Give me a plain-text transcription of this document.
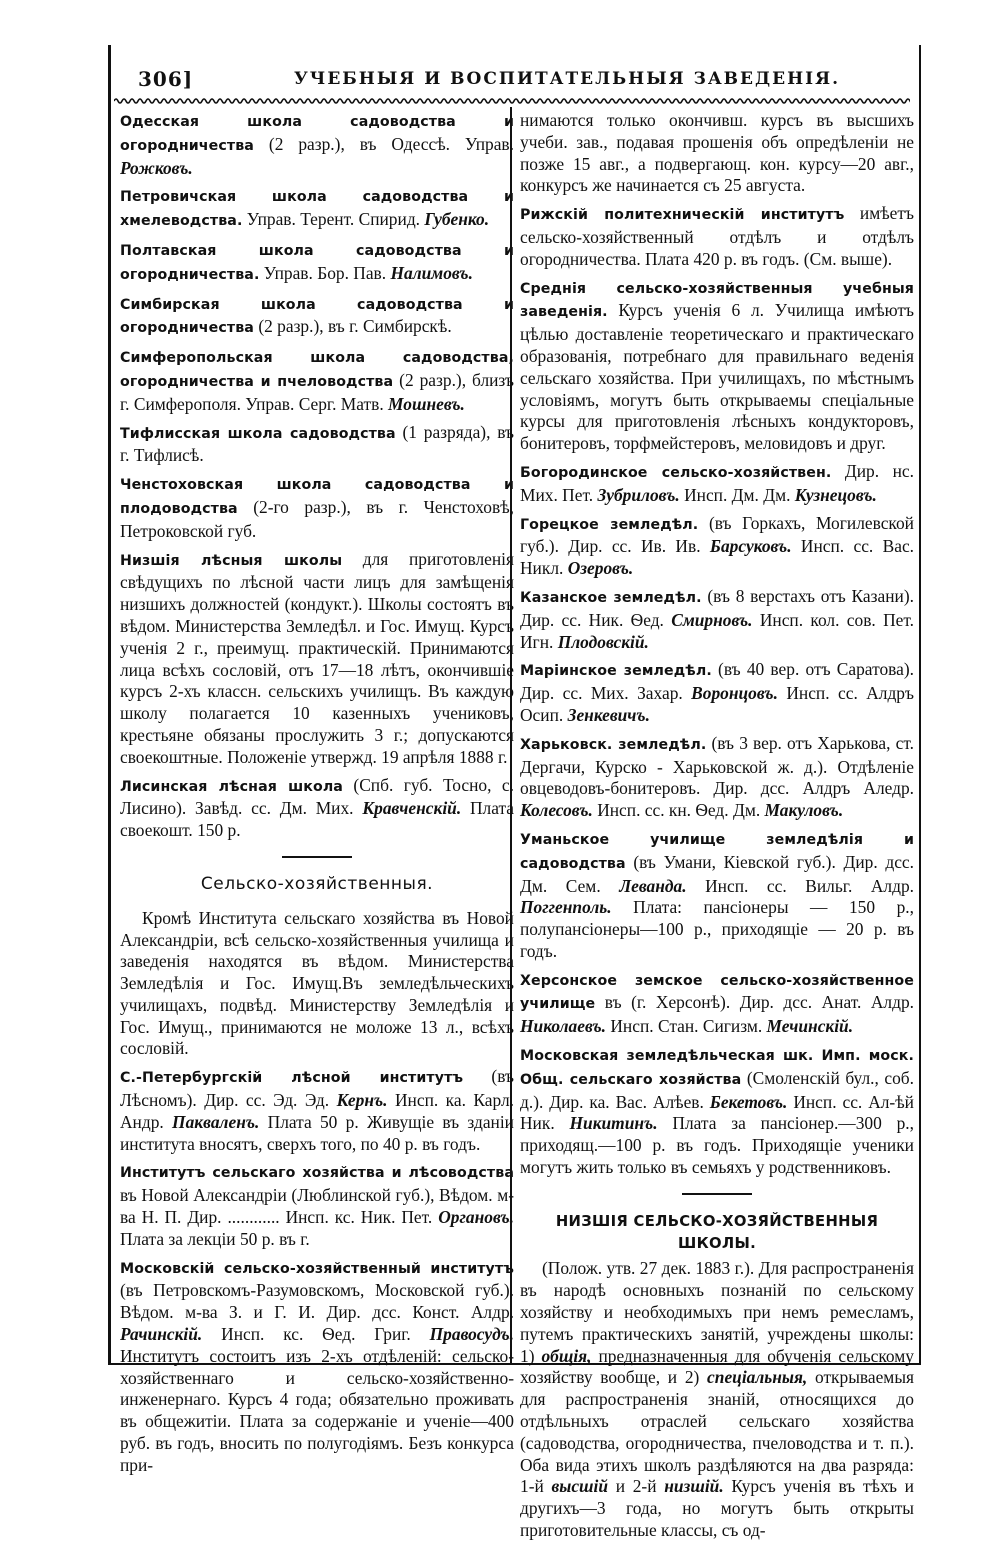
306]	УЧЕБНЫЯ И ВОСПИТАТЕЛЬНЫЯ ЗАВЕДЕНІЯ.

Одесская школа садоводства и огородничества (2 разр.), въ Одессѣ. Управ. Рожковъ.

Петровичская школа садоводства и хмелеводства. Управ. Терент. Спирид. Губенко.

Полтавская школа садоводства и огородничества. Управ. Бор. Пав. Налимовъ.

Симбирская школа садоводства и огородничества (2 разр.), въ г. Симбирскѣ.

Симферопольская школа садоводства, огородничества и пчеловодства (2 разр.), близъ г. Симферополя. Управ. Серг. Матв. Мошневъ.

Тифлисская школа садоводства (1 разряда), въ г. Тифлисѣ.

Ченстоховская школа садоводства и плодоводства (2-го разр.), въ г. Ченстоховѣ, Петроковской губ.

Низшія лѣсныя школы для приготовленія свѣдущихъ по лѣсной части лицъ для замѣщенія низшихъ должностей (кондукт.). Школы состоятъ въ вѣдом. Министерства Земледѣл. и Гос. Имущ. Курсъ ученія 2 г., преимущ. практическій. Принимаются лица всѣхъ сословій, отъ 17—18 лѣтъ, окончившіе курсъ 2-хъ классн. сельскихъ училищъ. Въ каждую школу полагается 10 казенныхъ учениковъ, крестьяне обязаны прослужить 3 г.; допускаются своекоштные. Положеніе утвержд. 19 апрѣля 1888 г.

Лисинская лѣсная школа (Спб. губ. Тосно, с. Лисино). Завѣд. сс. Дм. Мих. Кравченскій. Плата своекошт. 150 р.

Сельско-хозяйственныя.

Кромѣ Института сельскаго хозяйства въ Новой Александріи, всѣ сельско-хозяйственныя училища и заведенія находятся въ вѣдом. Министерства Земледѣлія и Гос. Имущ.Въ земледѣльческихъ училищахъ, подвѣд. Министерству Земледѣлія и Гос. Имущ., принимаются не моложе 13 л., всѣхъ сословій.

С.-Петербургскій лѣсной институтъ (въ Лѣсномъ). Дир. сс. Эд. Эд. Кернъ. Инсп. ка. Карл. Андр. Паквaленъ. Плата 50 р. Живущіе въ зданіи института вносятъ, сверхъ того, по 40 р. въ годъ.

Институтъ сельскаго хозяйства и лѣсоводства въ Новой Александріи (Люблинской губ.), Вѣдом. м-ва Н. П. Дир. ............ Инсп. кс. Ник. Пет. Органовъ. Плата за лекціи 50 р. въ г.

Московскій сельско-хозяйственный институтъ (въ Петровскомъ-Разумовскомъ, Московской губ.). Вѣдом. м-ва З. и Г. И. Дир. дсс. Конст. Алдр. Рачинскій. Инсп. кс. Ѳед. Григ. Правосудъ. Институтъ состоитъ изъ 2-хъ отдѣленій: сельско-хозяйственнаго и сельско-хозяйственно-инженернаго. Курсъ 4 года; обязательно проживать въ общежитіи. Плата за содержаніе и ученіе—400 руб. въ годъ, вносить по полугодіямъ. Безъ конкурса при-

нимаются только окончивш. курсъ въ высшихъ учеби. зав., подавая прошенія объ опредѣленіи не позже 15 авг., а подвергающ. кон. курсу—20 авг., конкурсъ же начинается съ 25 августа.

Рижскій политехническій институтъ имѣетъ сельско-хозяйственный отдѣлъ и отдѣлъ огородничества. Плата 420 р. въ годъ. (См. выше).

Среднія сельско-хозяйственныя учебныя заведенія. Курсъ ученія 6 л. Училища имѣютъ цѣлью доставленіе теоретическаго и практическаго образованія, потребнаго для правильнаго веденія сельскаго хозяйства. При училищахъ, по мѣстнымъ условіямъ, могутъ быть открываемы спеціальные курсы для приготовленія лѣсныхъ кондукторовъ, бонитеровъ, торфмейстеровъ, меловидовъ и друг.

Богородинское сельско-хозяйствен. Дир. нс. Мих. Пет. Зубриловъ. Инсп. Дм. Дм. Кузнецовъ.

Горецкое земледѣл. (въ Горкахъ, Могилевской губ.). Дир. сс. Ив. Ив. Барсуковъ. Инсп. сс. Вас. Никл. Озеровъ.

Казанское земледѣл. (въ 8 верстахъ отъ Казани). Дир. сс. Ник. Ѳед. Смирновъ. Инсп. кол. сов. Пет. Игн. Плодовскій.

Маріинское земледѣл. (въ 40 вер. отъ Саратова). Дир. сс. Мих. Захар. Воронцовъ. Инсп. сс. Алдръ Осип. Зенкевичъ.

Харьковск. земледѣл. (въ 3 вер. отъ Харькова, ст. Дергачи, Курско - Харьковской ж. д.). Отдѣленіе овцеводовъ-бонитеровъ. Дир. дсс. Алдръ Аледр. Колесовъ. Инсп. сс. кн. Ѳед. Дм. Макуловъ.

Уманьское училище земледѣлія и садоводства (въ Умани, Кіевской губ.). Дир. дсс. Дм. Сем. Леванда. Инсп. сс. Вильг. Алдр. Поггенполь. Плата: пансіонеры — 150 р., полупансіонеры—100 р., приходящіе — 20 р. въ годъ.

Херсонское земское сельско-хозяйственное училище въ (г. Херсонѣ). Дир. дсс. Анат. Алдр. Николаевъ. Инсп. Стан. Сигизм. Мечинскій.

Московская земледѣльческая шк. Имп. моск. Общ. сельскаго хозяйства (Смоленскій бул., соб. д.). Дир. ка. Вас. Алѣев. Бекетовъ. Инсп. сс. Ал-ѣй Ник. Никитинъ. Плата за пансіонер.—300 р., приходящ.—100 р. въ годъ. Приходящіе ученики могутъ жить только въ семьяхъ у родственниковъ.

НИЗШІЯ СЕЛЬСКО-ХОЗЯЙСТВЕННЫЯ ШКОЛЫ.

(Полож. утв. 27 дек. 1883 г.). Для распространенія въ народѣ основныхъ познаній по сельскому хозяйству и необходимыхъ при немъ ремесламъ, путемъ практическихъ занятій, учреждены школы: 1) общія, предназначенныя для обученія сельскому хозяйству вообще, и 2) спеціальныя, открываемыя для распространенія знаній, относящихся до отдѣльныхъ отраслей сельскаго хозяйства (садоводства, огородничества, пчеловодства и т. п.). Оба вида этихъ школъ раздѣляются на два разряда: 1-й высшій и 2-й низшій. Курсъ ученія въ тѣхъ и другихъ—3 года, но могутъ быть открыты приготовительные классы, съ од-
